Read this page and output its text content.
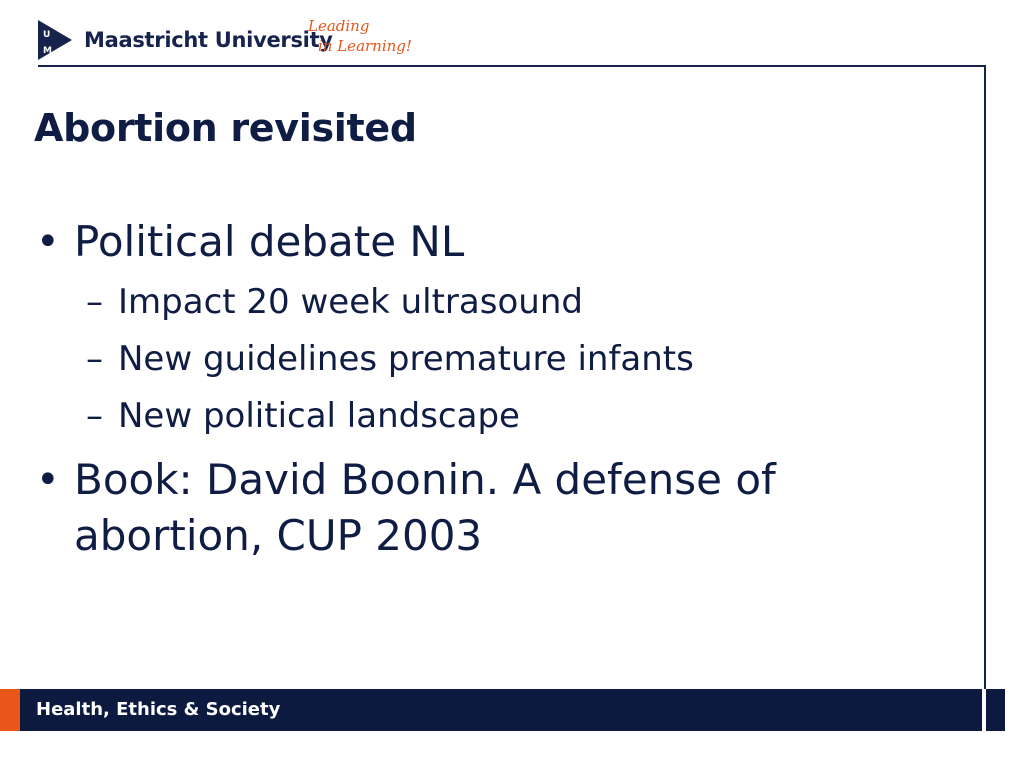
U
M Maastricht University
Leading
in Learning!
Abortion revisited
• Political debate NL
– Impact 20 week ultrasound
– New guidelines premature infants
– New political landscape
• Book: David Boonin. A defense of abortion, CUP 2003
Health, Ethics & Society
